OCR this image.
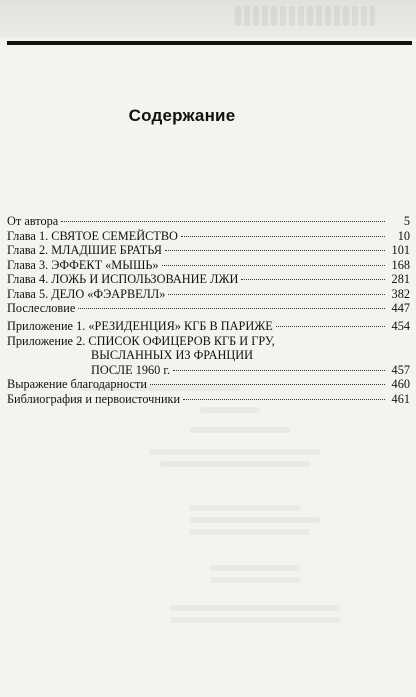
Содержание
От автора	5
Глава 1. СВЯТОЕ СЕМЕЙСТВО	10
Глава 2. МЛАДШИЕ БРАТЬЯ	101
Глава 3. ЭФФЕКТ «МЫШЬ»	168
Глава 4. ЛОЖЬ И ИСПОЛЬЗОВАНИЕ ЛЖИ	281
Глава 5. ДЕЛО «ФЭАРВЕЛЛ»	382
Послесловие	447
Приложение 1. «РЕЗИДЕНЦИЯ» КГБ В ПАРИЖЕ	454
Приложение 2. СПИСОК ОФИЦЕРОВ КГБ И ГРУ,
ВЫСЛАННЫХ ИЗ ФРАНЦИИ
ПОСЛЕ 1960 г.	457
Выражение благодарности	460
Библиография и первоисточники	461
